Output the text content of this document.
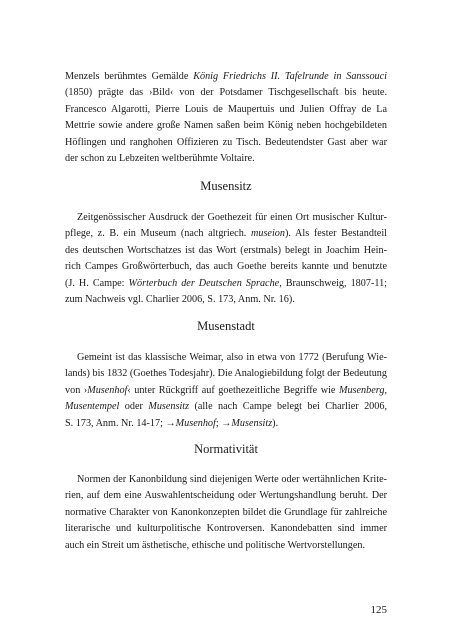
Menzels berühmtes Gemälde König Friedrichs II. Tafelrunde in Sanssouci
(1850) prägte das ›Bild‹ von der Potsdamer Tischgesellschaft bis heute.
Francesco Algarotti, Pierre Louis de Maupertuis und Julien Offray de La
Mettrie sowie andere große Namen saßen beim König neben hochgebildeten
Höflingen und ranghohen Offizieren zu Tisch. Bedeutendster Gast aber war
der schon zu Lebzeiten weltberühmte Voltaire.

Musensitz

Zeitgenössischer Ausdruck der Goethezeit für einen Ort musischer Kultur-
pflege, z. B. ein Museum (nach altgriech. museion). Als fester Bestandteil
des deutschen Wortschatzes ist das Wort (erstmals) belegt in Joachim Hein-
rich Campes Großwörterbuch, das auch Goethe bereits kannte und benutzte
(J. H. Campe: Wörterbuch der Deutschen Sprache, Braunschweig, 1807-11;
zum Nachweis vgl. Charlier 2006, S. 173, Anm. Nr. 16).

Musenstadt

Gemeint ist das klassische Weimar, also in etwa von 1772 (Berufung Wie-
lands) bis 1832 (Goethes Todesjahr). Die Analogiebildung folgt der Bedeutung
von ›Musenhof‹ unter Rückgriff auf goethezeitliche Begriffe wie Musenberg,
Musentempel oder Musensitz (alle nach Campe belegt bei Charlier 2006,
S. 173, Anm. Nr. 14-17; →Musenhof; →Musensitz).

Normativität

Normen der Kanonbildung sind diejenigen Werte oder wertähnlichen Krite-
rien, auf dem eine Auswahlentscheidung oder Wertungshandlung beruht. Der
normative Charakter von Kanonkonzepten bildet die Grundlage für zahlreiche
literarische und kulturpolitische Kontroversen. Kanondebatten sind immer
auch ein Streit um ästhetische, ethische und politische Wertvorstellungen.

125
